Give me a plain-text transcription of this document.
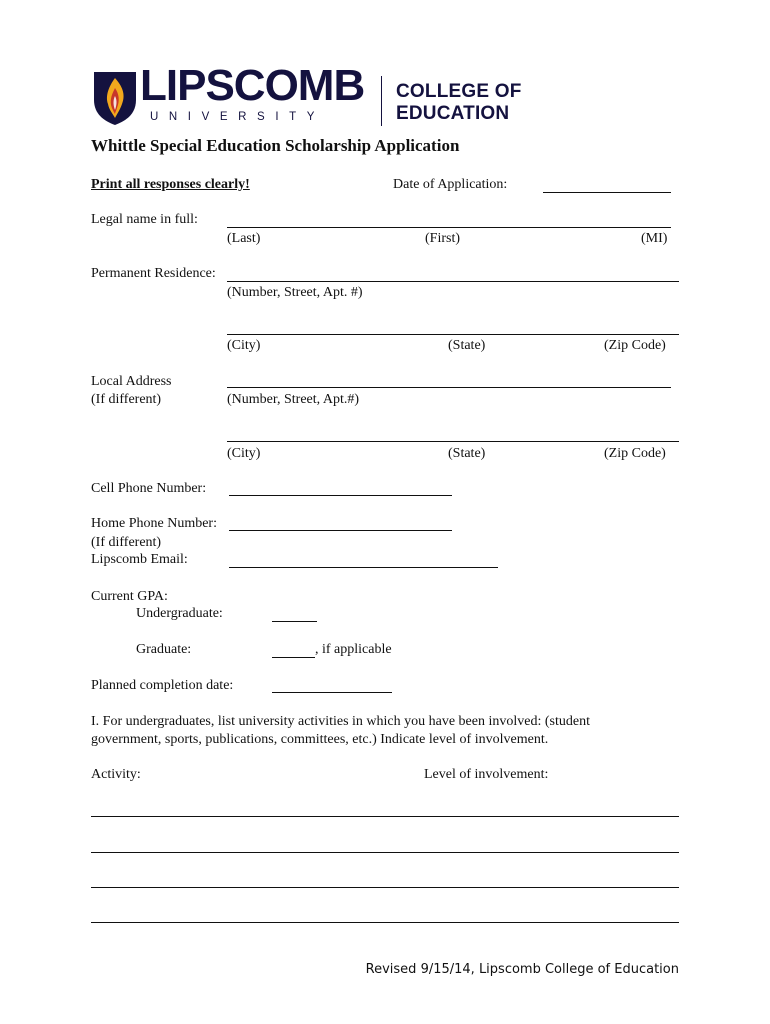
LIPSCOMB
UNIVERSITY
COLLEGE OF
EDUCATION
Whittle Special Education Scholarship Application
Print all responses clearly!	Date of Application:
Legal name in full:
(Last)	(First)	(MI)
Permanent Residence:
(Number, Street, Apt. #)
(City)	(State)	(Zip Code)
Local Address
(If different)	(Number, Street, Apt.#)
(City)	(State)	(Zip Code)
Cell Phone Number:
Home Phone Number:
(If different)
Lipscomb Email:
Current GPA:
Undergraduate:
Graduate:	, if applicable
Planned completion date:
I. For undergraduates, list university activities in which you have been involved: (student
government, sports, publications, committees, etc.) Indicate level of involvement.
Activity:	Level of involvement:
Revised 9/15/14, Lipscomb College of Education
